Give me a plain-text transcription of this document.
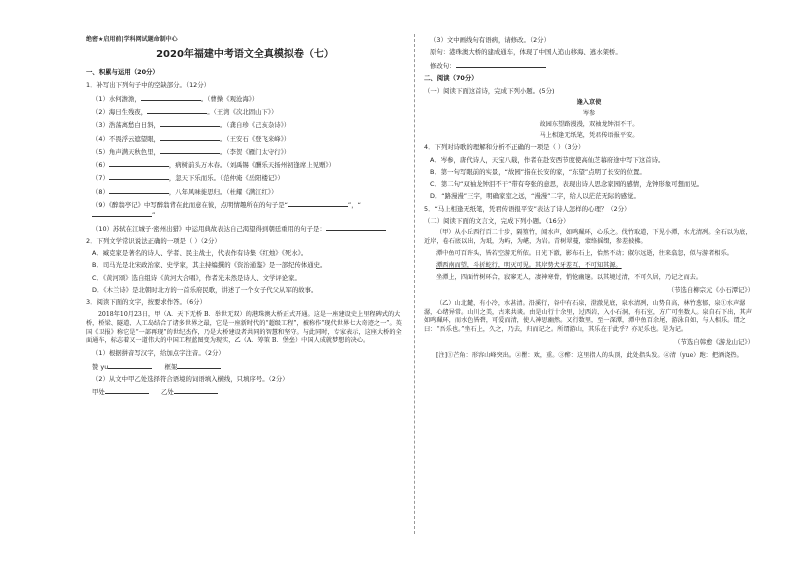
绝密★启用前|学科网试题命制中心
2020年福建中考语文全真模拟卷（七）
一、积累与运用（20分）
1．补写出下列句子中的空缺部分。（12分）
（1）水何澹澹，	。（曹操《观沧海》）
（2）海日生残夜，	。（王湾《次北固山下》）
（3）浩荡离愁白日斜，	。（龚自珍《己亥杂诗》）
（4）不畏浮云遮望眼，	。（王安石《登飞来峰》）
（5）角声满天秋色里，	。（李贺《雁门太守行》）
（6）	，病树前头万木春。（刘禹锡《酬乐天扬州初逢席上见赠》）
（7）	，忽天下乐而乐。（范仲淹《岳阳楼记》）
（8）	，八年风味徙思归。（杜耀《满江红》）
（9）《醉翁亭记》中写醉翁背在此而意在彼，点明情趣所在的句子是“	”，“”
（10）苏轼在江城子·密州出猎》中运用典故表达自己渴望得到朝廷重用的句子是：
2．下列文学常识说法正确的一项是（ ）（2分）
A．臧克家是著名的诗人、学者、民主战士，代表作有诗集《红烛》《死水》。
B．司马光是北宋政治家、史学家，其主持编撰的《资治通鉴》是一部纪传体通史。
C．《黄河颂》选自组诗《黄河大合唱》，作者光未然是诗人、文学评论家。
D．《木兰诗》是北朝时北方的一首乐府民歌，讲述了一个女子代父从军的故事。
3．阅读下面的文字，按要求作答。（6分）
2018年10月23日，甲（A．天下无桥 B．举世无双）的港珠澳大桥正式开通。这是一座建设史上里程碑式的大桥，桥梁、隧道、人工岛结合了诸多世界之最，它是一座新时代的“超级工程”，被称作“现代世界七大奇迹之一”。英国《卫报》称它是“一部再现”的世纪杰作，乃是大桥建设者共同的智慧和坚守。与此同时，专家表示，这座大桥的全面通车，标志着又一道伟大的中国工程蓝图变为现实，乙（A．筹策 B．堡垒）中国人成就梦想的决心。
（1）根据拼音写汉字，给加点字注音。（2分）
赞 yu	框架
（2）从文中甲乙处选择符合语境的词语填入横线，只填序号。（2分）
甲处	乙处
（3）文中画线句有语病，请修改。（2分）
原句：港珠澳大桥的建成通车，体现了中国人追山移海、逃水架桥。
修改句：
二、阅读（70分）
（一）阅读下面这首诗，完成下列小题。(5分)
逢入京使
岑参
故园东望路漫漫，双袖龙钟泪不干。
马上相逢无纸笔，凭君传语报平安。
4．下列对诗歌的理解和分析不正确的一项是（ ）（3分）
A．岑参，唐代诗人，天宝八载，作者在赴安西节度使高仙芝幕府途中写下这首诗。
B．第一句写眼前的实景，“故园”指在长安的家，“东望”点明了长安的位置。
C．第二句“双袖龙钟泪不干”带有夸张的意思，表现出诗人思念家园的感情，龙钟形象可想而见。
D．“路漫漫”三字，明确家室之远，“漫漫”二字，给人以茫茫无际的感觉。
5．“马上相逢无纸笔，凭君传语报平安”表达了诗人怎样的心理？（2分）
（二）阅读下面的文言文，完成下列小题。（16分）
（甲）从小丘西行百二十步，隔篁竹，闻水声，如鸣珮环，心乐之。伐竹取道，下见小潭，水尤清冽。全石以为底，近岸，卷石底以出，为坻，为屿，为嵁，为岩。青树翠蔓，蒙络摇缀，参差披拂。
潭中鱼可百许头，皆若空游无所依。日光下澈，影布石上，佁然不动；俶尔远逝，往来翕忽，似与游者相乐。
潭西南而望，斗折蛇行，明灭可见。其岸势犬牙差互，不可知其源。
坐潭上，四面竹树环合，寂寥无人，凄神寒骨，悄怆幽邃。以其境过清，不可久居，乃记之而去。
（节选自柳宗元《小石潭记》）
（乙）山北麓，有小冷，水甚清。沿溪行，谷中有石泉，澄澈见底，泉水清冽，山势自高，林竹葱郁，泉①水声潺潺，心绪异常。山川之美，古来共谈。由是山行十余里，过西岩，入小石洞，有石室，方广可坐数人。泉自石下出，其声如鸣珮环，而水色皆碧，可爱而清，使人神思幽然。又行数里，至一深潭，潭中鱼百余尾，游泳自如，与人相乐。谓之曰：“吾乐也。”坐石上，久之，乃去，归而记之。所谓游山，其乐在于此乎？亦足乐也。是为记。
（节选自韩愈《游龙山记》）
[注]①芒角：形容山峰突出。②瞿：欢，重。③醉：这里指人的头顶，此处指头发。④清（yue）跑：把酒浇热。
